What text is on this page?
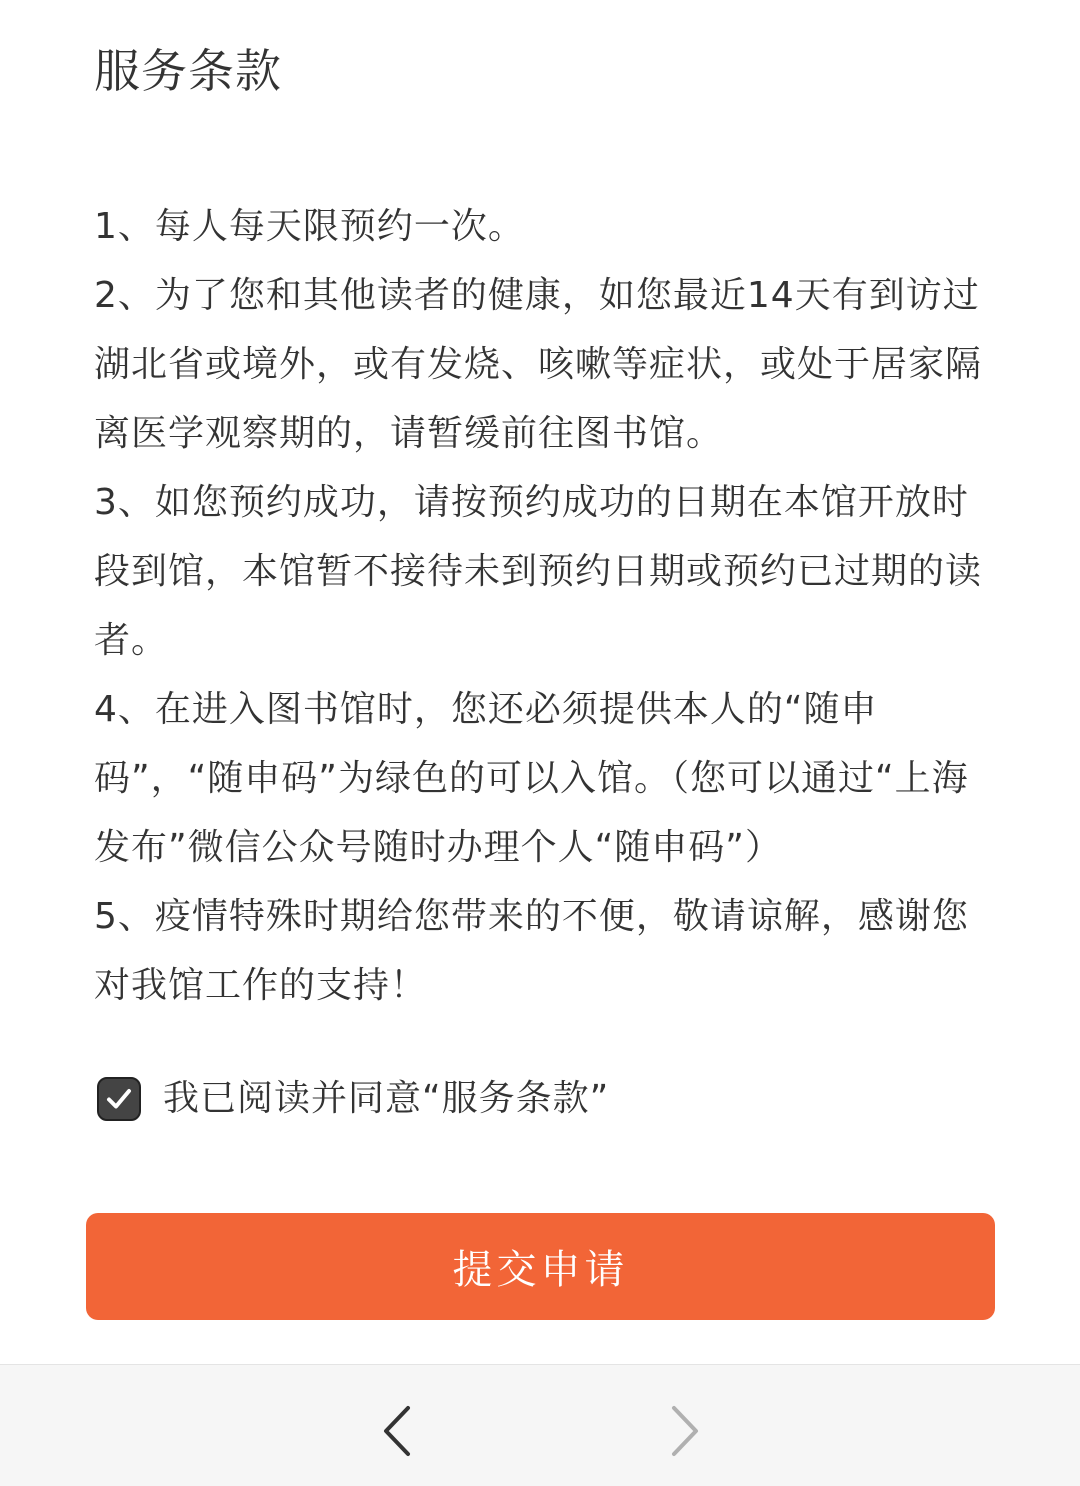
服务条款

1、每人每天限预约一次。

2、为了您和其他读者的健康，如您最近14天有到访过湖北省或境外，或有发烧、咳嗽等症状，或处于居家隔离医学观察期的，请暂缓前往图书馆。

3、如您预约成功，请按预约成功的日期在本馆开放时段到馆，本馆暂不接待未到预约日期或预约已过期的读者。

4、在进入图书馆时，您还必须提供本人的“随申码”，“随申码”为绿色的可以入馆。（您可以通过“上海发布”微信公众号随时办理个人“随申码”）

5、疫情特殊时期给您带来的不便，敬请谅解，感谢您对我馆工作的支持！

我已阅读并同意“服务条款”
提交申请
